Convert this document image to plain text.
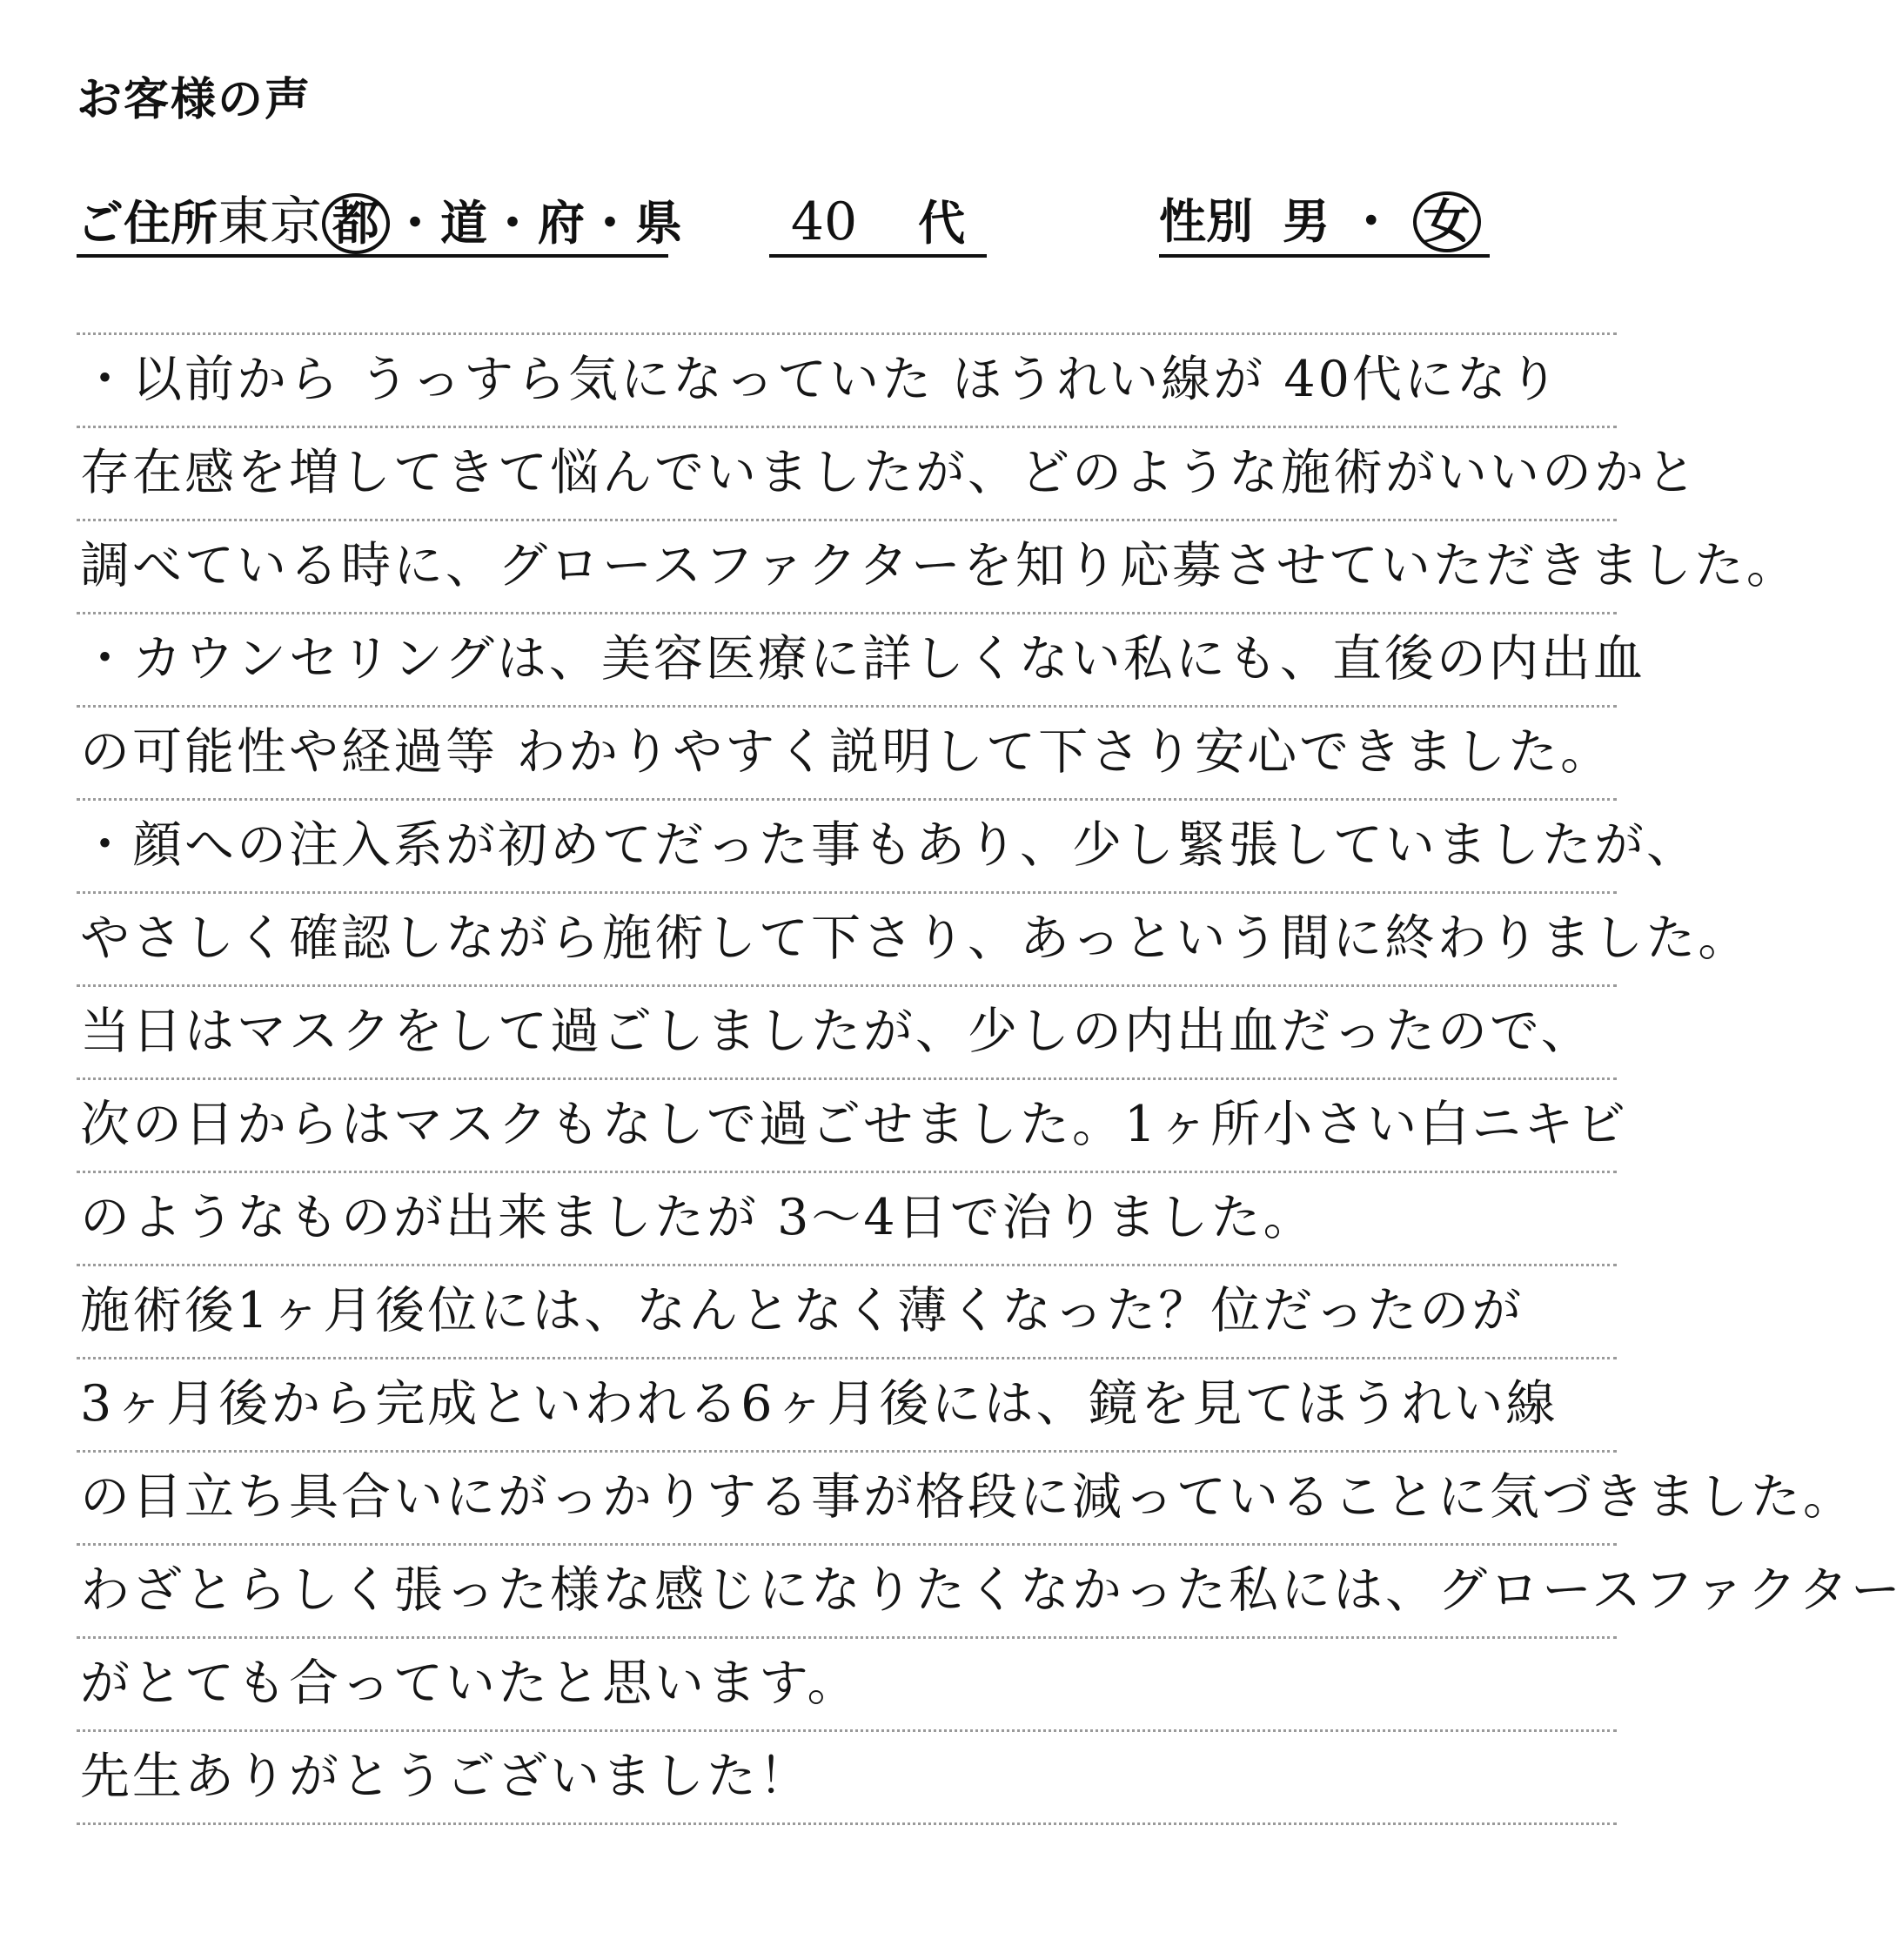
お客様の声
ご住所東京 都 ・道・府・県	40 代	性別 男 ・ 女
・以前から うっすら気になっていた ほうれい線が 40代になり
存在感を増してきて悩んでいましたが、どのような施術がいいのかと
調べている時に、グロースファクターを知り応募させていただきました。
・カウンセリングは、美容医療に詳しくない私にも、直後の内出血
の可能性や経過等 わかりやすく説明して下さり安心できました。
・顔への注入系が初めてだった事もあり、少し緊張していましたが、
やさしく確認しながら施術して下さり、あっという間に終わりました。
当日はマスクをして過ごしましたが、少しの内出血だったので、
次の日からはマスクもなしで過ごせました。1ヶ所小さい白ニキビ
のようなものが出来ましたが 3〜4日で治りました。
施術後1ヶ月後位には、なんとなく薄くなった？位だったのが
3ヶ月後から完成といわれる6ヶ月後には、鏡を見てほうれい線
の目立ち具合いにがっかりする事が格段に減っていることに気づきました。
わざとらしく張った様な感じになりたくなかった私には、グロースファクター
がとても合っていたと思います。
先生ありがとうございました！
